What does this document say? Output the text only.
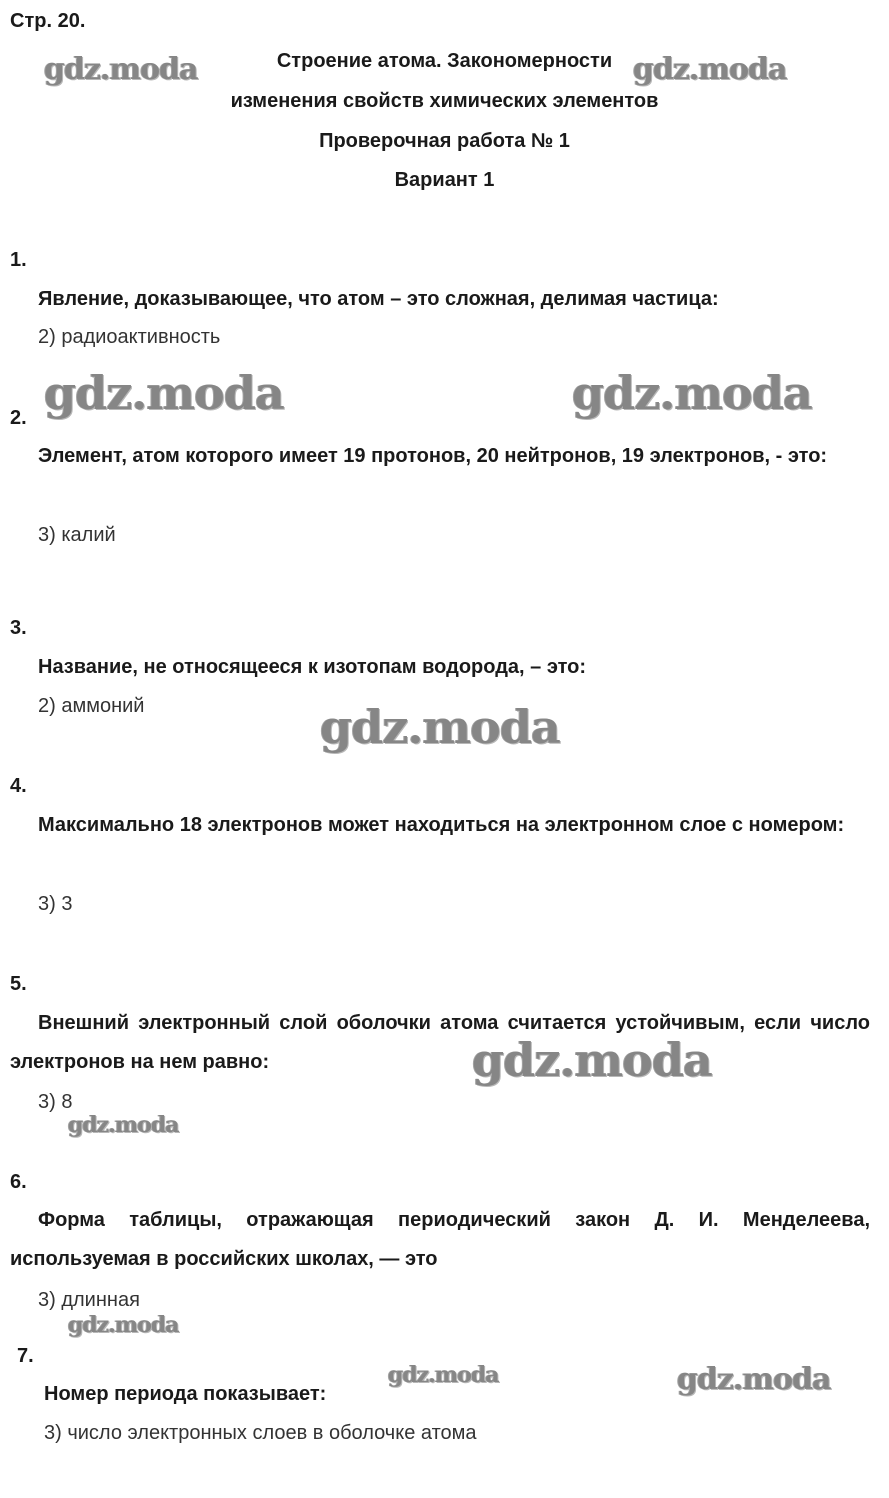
Стр. 20.
Строение атома. Закономерности
изменения свойств химических элементов
Проверочная работа № 1
Вариант 1
1.
Явление, доказывающее, что атом – это сложная, делимая частица:
2) радиоактивность
2.
Элемент, атом которого имеет 19 протонов, 20 нейтронов, 19 электронов, - это:
3) калий
3.
Название, не относящееся к изотопам водорода, – это:
2) аммоний
4.
Максимально 18 электронов может находиться на электронном слое с номером:
3) 3
5.
Внешний электронный слой оболочки атома считается устойчивым, если число электронов на нем равно:
3) 8
6.
Форма таблицы, отражающая периодический закон Д. И. Менделеева, используемая в российских школах, — это
3) длинная
7.
Номер периода показывает:
3) число электронных слоев в оболочке атома
gdz.moda	gdz.moda
gdz.moda	gdz.moda
gdz.moda
gdz.moda
gdz.moda
gdz.moda
gdz.moda	gdz.moda
